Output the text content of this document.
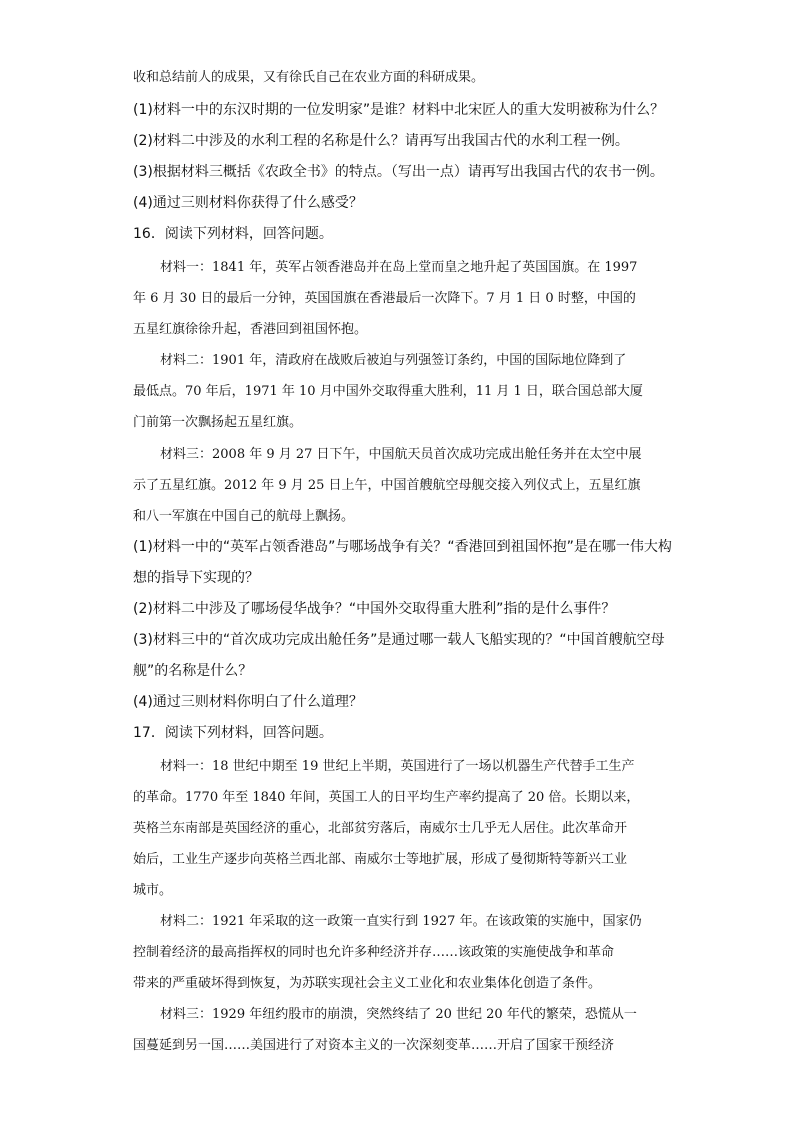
收和总结前人的成果，又有徐氏自己在农业方面的科研成果。
(1)材料一中的东汉时期的一位发明家”是谁？材料中北宋匠人的重大发明被称为什么？
(2)材料二中涉及的水利工程的名称是什么？请再写出我国古代的水利工程一例。
(3)根据材料三概括《农政全书》的特点。（写出一点）请再写出我国古代的农书一例。
(4)通过三则材料你获得了什么感受？
16．阅读下列材料，回答问题。
材料一：1841 年，英军占领香港岛并在岛上堂而皇之地升起了英国国旗。在 1997
年 6 月 30 日的最后一分钟，英国国旗在香港最后一次降下。7 月 1 日 0 时整，中国的
五星红旗徐徐升起，香港回到祖国怀抱。
材料二：1901 年，清政府在战败后被迫与列强签订条约，中国的国际地位降到了
最低点。70 年后，1971 年 10 月中国外交取得重大胜利，11 月 1 日，联合国总部大厦
门前第一次飘扬起五星红旗。
材料三：2008 年 9 月 27 日下午，中国航天员首次成功完成出舱任务并在太空中展
示了五星红旗。2012 年 9 月 25 日上午，中国首艘航空母舰交接入列仪式上，五星红旗
和八一军旗在中国自己的航母上飘扬。
(1)材料一中的“英军占领香港岛”与哪场战争有关？“香港回到祖国怀抱”是在哪一伟大构
想的指导下实现的？
(2)材料二中涉及了哪场侵华战争？“中国外交取得重大胜利”指的是什么事件？
(3)材料三中的“首次成功完成出舱任务”是通过哪一载人飞船实现的？“中国首艘航空母
舰”的名称是什么？
(4)通过三则材料你明白了什么道理？
17．阅读下列材料，回答问题。
材料一：18 世纪中期至 19 世纪上半期，英国进行了一场以机器生产代替手工生产
的革命。1770 年至 1840 年间，英国工人的日平均生产率约提高了 20 倍。长期以来，
英格兰东南部是英国经济的重心，北部贫穷落后，南威尔士几乎无人居住。此次革命开
始后，工业生产逐步向英格兰西北部、南威尔士等地扩展，形成了曼彻斯特等新兴工业
城市。
材料二：1921 年采取的这一政策一直实行到 1927 年。在该政策的实施中，国家仍
控制着经济的最高指挥权的同时也允许多种经济并存……该政策的实施使战争和革命
带来的严重破坏得到恢复，为苏联实现社会主义工业化和农业集体化创造了条件。
材料三：1929 年纽约股市的崩溃，突然终结了 20 世纪 20 年代的繁荣，恐慌从一
国蔓延到另一国……美国进行了对资本主义的一次深刻变革……开启了国家干预经济
